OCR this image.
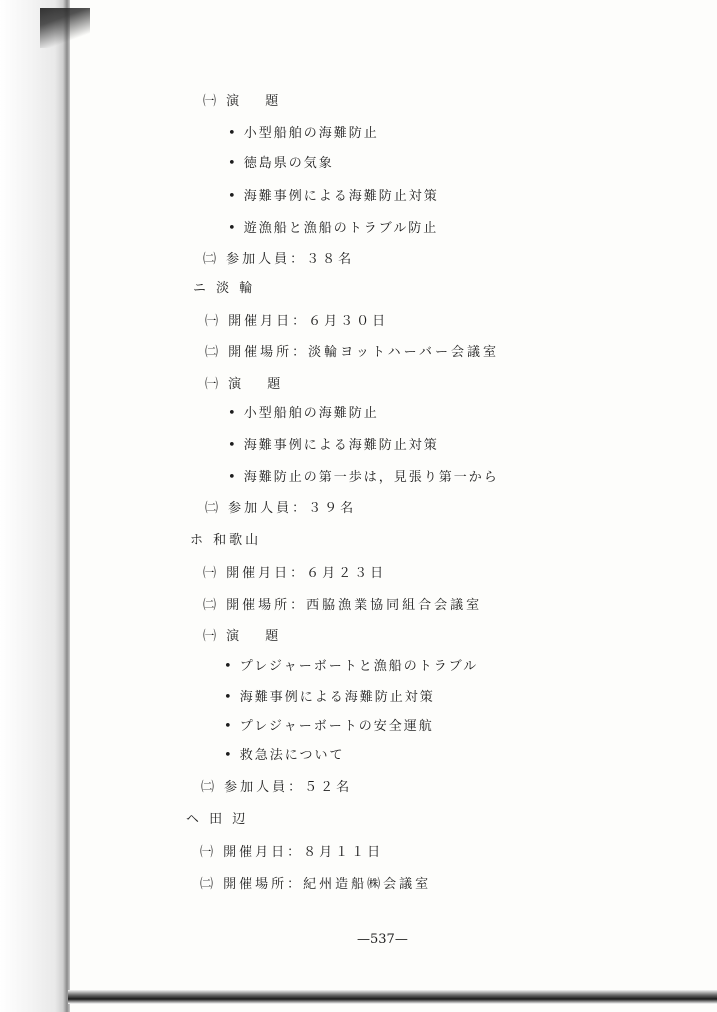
㈠ 演　 題
• 小型船舶の海難防止
• 徳島県の気象
• 海難事例による海難防止対策
• 遊漁船と漁船のトラブル防止
㈡ 参加人員：３８名
ニ 淡 輪
㈠ 開催月日：６月３０日
㈡ 開催場所：淡輪ヨットハーバー会議室
㈠ 演　 題
• 小型船舶の海難防止
• 海難事例による海難防止対策
• 海難防止の第一歩は，見張り第一から
㈡ 参加人員：３９名
ホ 和歌山
㈠ 開催月日：６月２３日
㈡ 開催場所：西脇漁業協同組合会議室
㈠ 演　 題
• プレジャーボートと漁船のトラブル
• 海難事例による海難防止対策
• プレジャーボートの安全運航
• 救急法について
㈡ 参加人員：５２名
ヘ 田 辺
㈠ 開催月日：８月１１日
㈡ 開催場所：紀州造船㈱会議室
—537—
